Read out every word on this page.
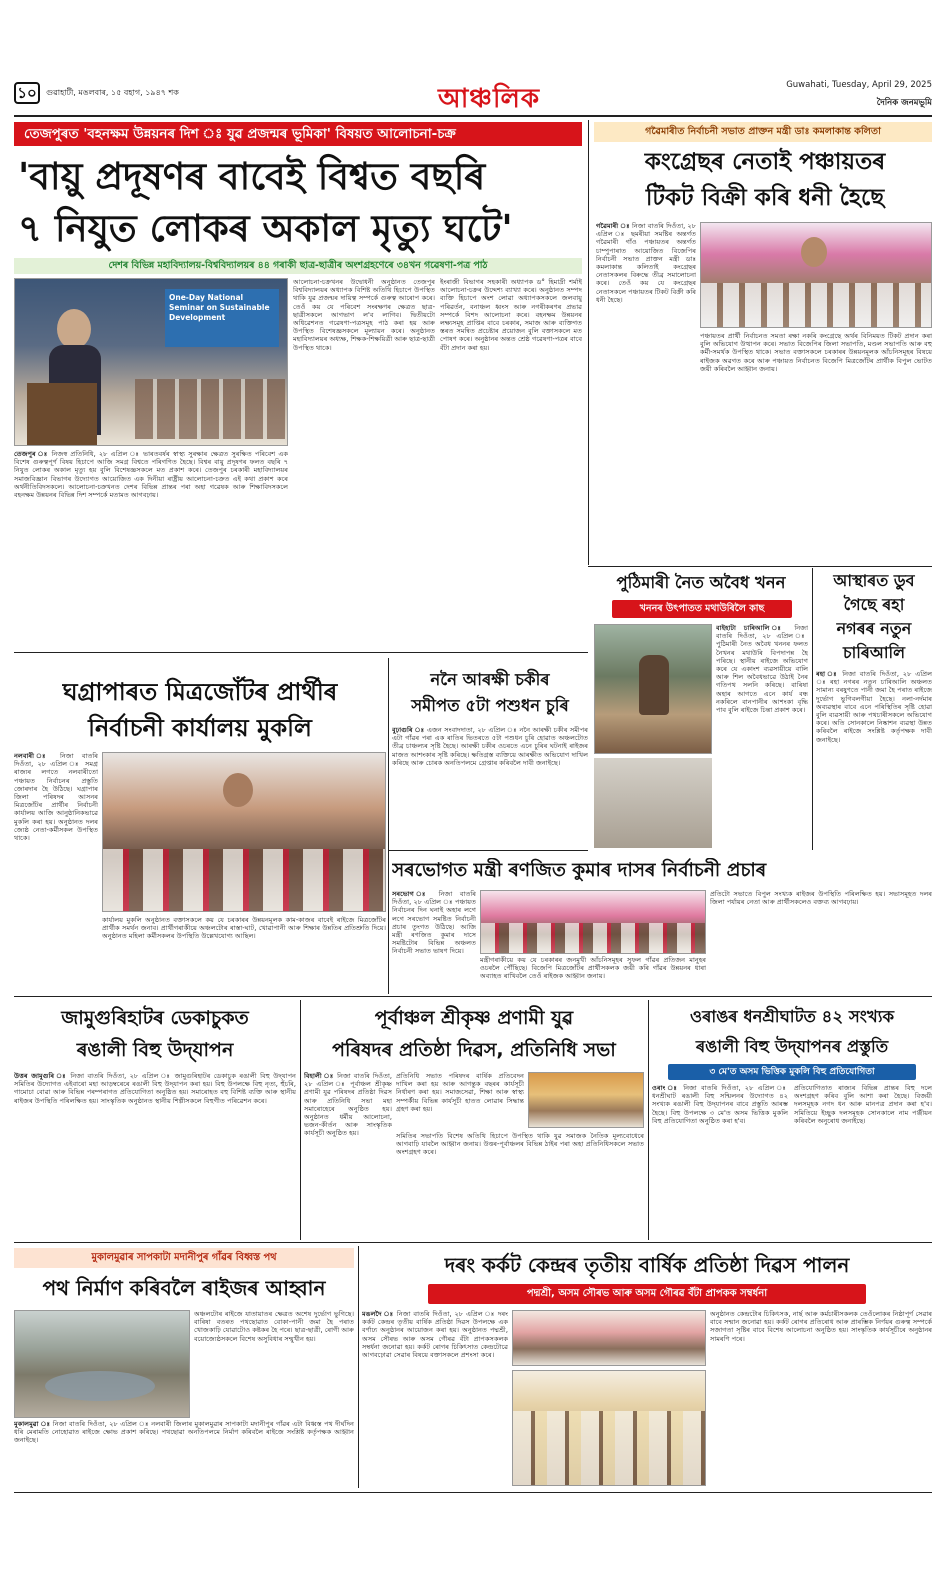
১০	গুৱাহাটী, মঙলবাৰ, ১৫ বহাগ, ১৯৪৭ শক	আঞ্চলিক	Guwahati, Tuesday, April 29, 2025
দৈনিক জনমভূমি
তেজপুৰত 'বহনক্ষম উন্নয়নৰ দিশ ঃ যুৱ প্ৰজন্মৰ ভূমিকা' বিষয়ত আলোচনা-চক্ৰ
'বায়ু প্ৰদূষণৰ বাবেই বিশ্বত বছৰি
৭ নিযুত লোকৰ অকাল মৃত্যু ঘটে'
দেশৰ বিভিন্ন মহাবিদ্যালয়-বিশ্ববিদ্যালয়ৰ ৪৪ গৰাকী ছাত্ৰ-ছাত্ৰীৰ অংশগ্ৰহণেৰে ৩৪খন গৱেষণা-পত্ৰ পাঠ
One-Day National Seminar on Sustainable Development
তেজপুৰ ঃ নিজস্ব প্ৰতিনিধি, ২৮ এপ্ৰিল ঃ ভাৰতবৰ্ষৰ স্বাস্থ্য সুৰক্ষাৰ ক্ষেত্ৰত সুৰক্ষিত পৰিবেশ এক বিশেষ গুৰুত্বপূৰ্ণ বিষয় হিচাপে আজি সমগ্ৰ বিশ্বতে পৰিগণিত হৈছে। বিশ্বৰ বায়ু প্ৰদূষণৰ ফলত বছৰি ৭ নিযুত লোকৰ অকাল মৃত্যু হয় বুলি বিশেষজ্ঞসকলে মত প্ৰকাশ কৰে। তেজপুৰ চৰকাৰী মহাবিদ্যালয়ৰ সমাজবিজ্ঞান বিভাগৰ উদ্যোগত আয়োজিত এক দিনীয়া ৰাষ্ট্ৰীয় আলোচনা-চক্ৰত এই কথা প্ৰকাশ কৰে অৰ্থনীতিবিদসকলে। আলোচনা-চক্ৰখনত দেশৰ বিভিন্ন প্ৰান্তৰ পৰা অহা গৱেষক আৰু শিক্ষাবিদসকলে বহনক্ষম উন্নয়নৰ বিভিন্ন দিশ সম্পৰ্কে মতামত আগবঢ়ায়।
আলোচনা-চক্ৰখনৰ উদ্বোধনী অনুষ্ঠানত তেজপুৰ বিশ্ববিদ্যালয়ৰ অধ্যাপক বিশিষ্ট অতিথি হিচাপে উপস্থিত থাকি যুৱ প্ৰজন্মৰ দায়িত্ব সম্পৰ্কে গুৰুত্ব আৰোপ কৰে। তেওঁ কয় যে পৰিবেশ সংৰক্ষণৰ ক্ষেত্ৰত ছাত্ৰ-ছাত্ৰীসকলে আগভাগ ল'ব লাগিব। দ্বিতীয়টো অধিৱেশনত গৱেষণা-পত্ৰসমূহ পাঠ কৰা হয় আৰু উপস্থিত বিশেষজ্ঞসকলে মূল্যায়ন কৰে। অনুষ্ঠানত মহাবিদ্যালয়ৰ অধ্যক্ষ, শিক্ষক-শিক্ষয়িত্ৰী আৰু ছাত্ৰ-ছাত্ৰী উপস্থিত থাকে।
ইংৰাজী বিভাগৰ সহকাৰী অধ্যাপক ড° হিমাদ্ৰী শৰ্মাই আলোচনা-চক্ৰৰ উদ্দেশ্য ব্যাখ্যা কৰে। অনুষ্ঠানত সম্পদ ব্যক্তি হিচাপে অংশ লোৱা অধ্যাপকসকলে জলবায়ু পৰিৱৰ্তন, বনাঞ্চল ধ্বংস আৰু নগৰীকৰণৰ প্ৰভাৱ সম্পৰ্কে বিশদ আলোচনা কৰে। বহনক্ষম উন্নয়নৰ লক্ষ্যসমূহ প্ৰাপ্তিৰ বাবে চৰকাৰ, সমাজ আৰু ব্যক্তিগত স্তৰত সমন্বিত প্ৰচেষ্টাৰ প্ৰয়োজন বুলি বক্তাসকলে মত পোষণ কৰে। অনুষ্ঠানৰ অন্তত শ্ৰেষ্ঠ গৱেষণা-পত্ৰৰ বাবে বঁটা প্ৰদান কৰা হয়।
গৱৈমাৰীত নিৰ্বাচনী সভাত প্ৰাক্তন মন্ত্ৰী ডাঃ কমলাকান্ত কলিতা
কংগ্ৰেছৰ নেতাই পঞ্চায়তৰ
টিকট বিক্ৰী কৰি ধনী হৈছে
গৱৈমাৰী ঃ নিজা বাতৰি দিওঁতা, ২৮ এপ্ৰিল ঃ ছমৰীয়া সমষ্টিৰ অন্তৰ্গত গৱৈমাৰী গাঁও পঞ্চায়তৰ অন্তৰ্গত চাম্পুপাৰাত আয়োজিত বিজেপিৰ নিৰ্বাচনী সভাত প্ৰাক্তন মন্ত্ৰী ডাঃ কমলাকান্ত কলিতাই কংগ্ৰেছৰ নেতাসকলৰ বিৰুদ্ধে তীব্ৰ সমালোচনা কৰে। তেওঁ কয় যে কংগ্ৰেছৰ নেতাসকলে পঞ্চায়তৰ টিকট বিক্ৰী কৰি ধনী হৈছে।
পঞ্চায়তৰ প্ৰাৰ্থী নিৰ্বাচনত সমতা ৰক্ষা নকৰি কংগ্ৰেছে অৰ্থৰ বিনিময়ত টিকট প্ৰদান কৰা বুলি অভিযোগ উত্থাপন কৰে। সভাত বিজেপিৰ জিলা সভাপতি, মণ্ডল সভাপতি আৰু বহু কৰ্মী-সমৰ্থক উপস্থিত থাকে। সভাত বক্তাসকলে চৰকাৰৰ উন্নয়নমূলক আঁচনিসমূহৰ বিষয়ে ৰাইজক অৱগত কৰে আৰু পঞ্চায়ত নিৰ্বাচনত বিজেপি মিত্ৰজোঁটৰ প্ৰাৰ্থীক বিপুল ভোটত জয়ী কৰিবলৈ আহ্বান জনায়।
ঘগ্ৰাপাৰত মিত্ৰজোঁটৰ প্ৰাৰ্থীৰ
নিৰ্বাচনী কাৰ্যালয় মুকলি
নলবাৰী ঃ নিজা বাতৰি দিওঁতা, ২৮ এপ্ৰিল ঃ সমগ্ৰ ৰাজ্যৰ লগতে নলবাৰীতো পঞ্চায়ত নিৰ্বাচনৰ প্ৰস্তুতি জোৰদাৰ হৈ উঠিছে। ঘগ্ৰাপাৰ জিলা পৰিষদৰ আসনৰ মিত্ৰজোঁটৰ প্ৰাৰ্থীৰ নিৰ্বাচনী কাৰ্যালয় আজি আনুষ্ঠানিকভাৱে মুকলি কৰা হয়। অনুষ্ঠানত দলৰ জ্যেষ্ঠ নেতা-কৰ্মীসকল উপস্থিত থাকে।
কাৰ্যালয় মুকলি অনুষ্ঠানত বক্তাসকলে কয় যে চৰকাৰৰ উন্নয়নমূলক কাম-কাজৰ বাবেই ৰাইজে মিত্ৰজোঁটৰ প্ৰাৰ্থীক সমৰ্থন জনাব। প্ৰাৰ্থীগৰাকীয়ে অঞ্চলটোৰ ৰাস্তা-ঘাট, খোৱাপানী আৰু শিক্ষাৰ উন্নতিৰ প্ৰতিশ্ৰুতি দিয়ে। অনুষ্ঠানত মহিলা কৰ্মীসকলৰ উপস্থিতি উল্লেখযোগ্য আছিল।
ননৈ আৰক্ষী চকীৰ
সমীপত ৫টা পশুধন চুৰি
বুঢ়াগুৰি ঃ এজন সংবাদদাতা, ২৮ এপ্ৰিল ঃ ননৈ আৰক্ষী চকীৰ সমীপৰ এটা গাঁৱৰ পৰা এক ৰাতিৰ ভিতৰতে ৫টা পশুধন চুৰি হোৱাত অঞ্চলটোত তীব্ৰ চাঞ্চল্যৰ সৃষ্টি হৈছে। আৰক্ষী চকীৰ ওচৰতে এনে চুৰিৰ ঘটনাই ৰাইজৰ মাজত আশংকাৰ সৃষ্টি কৰিছে। ক্ষতিগ্ৰস্ত ব্যক্তিয়ে আৰক্ষীত অভিযোগ দাখিল কৰিছে আৰু চোৰক অনতিপলমে গ্ৰেপ্তাৰ কৰিবলৈ দাবী জনাইছে।
সৰভোগত মন্ত্ৰী ৰণজিত কুমাৰ দাসৰ নিৰ্বাচনী প্ৰচাৰ
সৰভোগ ঃ নিজা বাতৰি দিওঁতা, ২৮ এপ্ৰিল ঃ পঞ্চায়ত নিৰ্বাচনৰ দিন ঘনাই অহাৰ লগে লগে সৰভোগ সমষ্টিত নিৰ্বাচনী প্ৰচাৰ তুংগত উঠিছে। আজি মন্ত্ৰী ৰণজিত কুমাৰ দাসে সমষ্টিটোৰ বিভিন্ন অঞ্চলত নিৰ্বাচনী সভাত ভাষণ দিয়ে।
মন্ত্ৰীগৰাকীয়ে কয় যে চৰকাৰৰ জনমুখী আঁচনিসমূহৰ সুফল গাঁৱৰ প্ৰতিজন মানুহৰ ওচৰলৈ পৌঁছিছে। বিজেপি মিত্ৰজোঁটৰ প্ৰাৰ্থীসকলক জয়ী কৰি গাঁৱৰ উন্নয়নৰ ধাৰা অব্যাহত ৰাখিবলৈ তেওঁ ৰাইজক আহ্বান জনায়।
প্ৰতিটো সভাতে বিপুল সংখ্যক ৰাইজৰ উপস্থিতি পৰিলক্ষিত হয়। সভাসমূহত দলৰ জিলা পৰ্যায়ৰ নেতা আৰু প্ৰাৰ্থীসকলেও বক্তব্য আগবঢ়ায়।
পুঠিমাৰী নৈত অবৈধ খনন
খননৰ উৎপাতত মথাউৰিলৈ কাছ
বাইহাটা চাৰিআলি ঃ নিজা বাতৰি দিওঁতা, ২৮ এপ্ৰিল ঃ পুঠিমাৰী নৈত অবৈধ খননৰ ফলত নৈখনৰ মথাউৰি বিপদাপন্ন হৈ পৰিছে। স্থানীয় ৰাইজে অভিযোগ কৰে যে একাংশ ব্যৱসায়ীয়ে বালি আৰু শিল অবৈধভাৱে উঠাই নৈৰ গতিপথ সলনি কৰিছে। বাৰিষা অহাৰ আগতে এনে কাৰ্য বন্ধ নকৰিলে বানপানীৰ আশংকা বৃদ্ধি পাব বুলি ৰাইজে চিন্তা প্ৰকাশ কৰে।
আস্থাৰত ডুব
গৈছে ৰহা
নগৰৰ নতুন
চাৰিআলি
ৰহা ঃ নিজা বাতৰি দিওঁতা, ২৮ এপ্ৰিল ঃ ৰহা নগৰৰ নতুন চাৰিআলি অঞ্চলত সামান্য বৰষুণতে পানী জমা হৈ পৰাত ৰাইজে দুৰ্ভোগ ভুগিবলগীয়া হৈছে। নলা-নৰ্দমাৰ অব্যৱস্থাৰ বাবে এনে পৰিস্থিতিৰ সৃষ্টি হোৱা বুলি ব্যৱসায়ী আৰু পথচাৰীসকলে অভিযোগ কৰে। অতি সোনকালে নিষ্কাশন ব্যৱস্থা উন্নত কৰিবলৈ ৰাইজে সংশ্লিষ্ট কৰ্তৃপক্ষক দাবী জনাইছে।
জামুগুৰিহাটৰ ডেকাচুকত
ৰঙালী বিহু উদ্‌যাপন
উত্তৰ জামুগুৰি ঃ নিজা বাতৰি দিওঁতা, ২৮ এপ্ৰিল ঃ জামুগুৰিহাটৰ ডেকাচুক ৰঙালী বিহু উদ্‌যাপন সমিতিৰ উদ্যোগত এইবাৰো মহা আড়ম্বৰেৰে ৰঙালী বিহু উদ্‌যাপন কৰা হয়। বিহু উপলক্ষে বিহু নৃত্য, হুঁচৰি, গামোচা বোৱা আৰু বিভিন্ন পৰম্পৰাগত প্ৰতিযোগিতা অনুষ্ঠিত হয়। সমাৰোহত বহু বিশিষ্ট ব্যক্তি আৰু স্থানীয় ৰাইজৰ উপস্থিতি পৰিলক্ষিত হয়। সাংস্কৃতিক অনুষ্ঠানত স্থানীয় শিল্পীসকলে বিহুগীত পৰিৱেশন কৰে।
পূৰ্বাঞ্চল শ্ৰীকৃষ্ণ প্ৰণামী যুৱ
পৰিষদৰ প্ৰতিষ্ঠা দিৱস, প্ৰতিনিধি সভা
বিহালী ঃ নিজা বাতৰি দিওঁতা, ২৮ এপ্ৰিল ঃ পূৰ্বাঞ্চল শ্ৰীকৃষ্ণ প্ৰণামী যুৱ পৰিষদৰ প্ৰতিষ্ঠা দিৱস আৰু প্ৰতিনিধি সভা মহা সমাৰোহেৰে অনুষ্ঠিত হয়। অনুষ্ঠানত ধৰ্মীয় আলোচনা, ভজন-কীৰ্তন আৰু সাংস্কৃতিক কাৰ্যসূচী অনুষ্ঠিত হয়।
প্ৰতিনিধি সভাত পৰিষদৰ বাৰ্ষিক প্ৰতিবেদন দাখিল কৰা হয় আৰু আগন্তুক বছৰৰ কাৰ্যসূচী নিৰ্ধাৰণ কৰা হয়। সমাজসেৱা, শিক্ষা আৰু স্বাস্থ্য সম্পৰ্কীয় বিভিন্ন কাৰ্যসূচী হাতত লোৱাৰ সিদ্ধান্ত গ্ৰহণ কৰা হয়।
সমিতিৰ সভাপতি বিশেষ অতিথি হিচাপে উপস্থিত থাকি যুৱ সমাজক নৈতিক মূল্যবোধেৰে আগবাঢ়ি যাবলৈ আহ্বান জনায়। উত্তৰ-পূৰ্বাঞ্চলৰ বিভিন্ন ঠাইৰ পৰা অহা প্ৰতিনিধিসকলে সভাত অংশগ্ৰহণ কৰে।
ওৰাঙৰ ধনশ্ৰীঘাটত ৪২ সংখ্যক
ৰঙালী বিহু উদ্‌যাপনৰ প্ৰস্তুতি
৩ মে'ত অসম ভিত্তিক মুকলি বিহু প্ৰতিযোগিতা
ওৰাং ঃ নিজা বাতৰি দিওঁতা, ২৮ এপ্ৰিল ঃ ধনশ্ৰীঘাট ৰঙালী বিহু সন্মিলনৰ উদ্যোগত ৪২ সংখ্যক ৰঙালী বিহু উদ্‌যাপনৰ বাবে প্ৰস্তুতি আৰম্ভ হৈছে। বিহু উপলক্ষে ৩ মে'ত অসম ভিত্তিক মুকলি বিহু প্ৰতিযোগিতা অনুষ্ঠিত কৰা হ'ব।
প্ৰতিযোগিতাত ৰাজ্যৰ বিভিন্ন প্ৰান্তৰ বিহু দলে অংশগ্ৰহণ কৰিব বুলি আশা কৰা হৈছে। বিজয়ী দলসমূহক নগদ ধন আৰু মানপত্ৰ প্ৰদান কৰা হ'ব। সমিতিয়ে ইচ্ছুক দলসমূহক সোনকালে নাম পঞ্জীয়ন কৰিবলৈ অনুৰোধ জনাইছে।
মুকালমুৱাৰ সাপকাটা মদানীপুৰ গাঁৱৰ বিধ্বস্ত পথ
পথ নিৰ্মাণ কৰিবলৈ ৰাইজৰ আহ্বান
অঞ্চলটোৰ ৰাইজে যাতায়াতৰ ক্ষেত্ৰত অশেষ দুৰ্ভোগ ভুগিছে। বাৰিষা বতৰত পথছোৱাত বোকা-পানী জমা হৈ পৰাত খোজকাঢ়ি যোৱাটোও কষ্টকৰ হৈ পৰে। ছাত্ৰ-ছাত্ৰী, ৰোগী আৰু বয়োজ্যেষ্ঠসকলে বিশেষ অসুবিধাৰ সন্মুখীন হয়।
মুকালমুৱা ঃ নিজা বাতৰি দিওঁতা, ২৮ এপ্ৰিল ঃ নলবাৰী জিলাৰ মুকালমুৱাৰ সাপকাটা মদানীপুৰ গাঁৱৰ এটা বিধ্বস্ত পথ দীৰ্ঘদিন ধৰি মেৰামতি নোহোৱাত ৰাইজে ক্ষোভ প্ৰকাশ কৰিছে। পথছোৱা অনতিপলমে নিৰ্মাণ কৰিবলৈ ৰাইজে সংশ্লিষ্ট কৰ্তৃপক্ষক আহ্বান জনাইছে।
দৰং কৰ্কট কেন্দ্ৰৰ তৃতীয় বাৰ্ষিক প্ৰতিষ্ঠা দিৱস পালন
পদ্মশ্ৰী, অসম সৌৰভ আৰু অসম গৌৰৱ বঁটা প্ৰাপকক সম্বৰ্ধনা
মঙলদৈ ঃ নিজা বাতৰি দিওঁতা, ২৮ এপ্ৰিল ঃ দৰং কৰ্কট কেন্দ্ৰৰ তৃতীয় বাৰ্ষিক প্ৰতিষ্ঠা দিৱস উপলক্ষে এক বৰ্ণাঢ্য অনুষ্ঠানৰ আয়োজন কৰা হয়। অনুষ্ঠানত পদ্মশ্ৰী, অসম সৌৰভ আৰু অসম গৌৰৱ বঁটা প্ৰাপকসকলক সম্বৰ্ধনা জনোৱা হয়। কৰ্কট ৰোগৰ চিকিৎসাত কেন্দ্ৰটোৱে আগবঢ়োৱা সেৱাৰ বিষয়ে বক্তাসকলে প্ৰশংসা কৰে।
অনুষ্ঠানত কেন্দ্ৰটোৰ চিকিৎসক, নাৰ্ছ আৰু কৰ্মচাৰীসকলক তেওঁলোকৰ নিষ্ঠাপূৰ্ণ সেৱাৰ বাবে সন্মান জনোৱা হয়। কৰ্কট ৰোগৰ প্ৰতিৰোধ আৰু প্ৰাৰম্ভিক নিৰ্ণয়ৰ গুৰুত্ব সম্পৰ্কে সজাগতা সৃষ্টিৰ বাবে বিশেষ আলোচনা অনুষ্ঠিত হয়। সাংস্কৃতিক কাৰ্যসূচীৰে অনুষ্ঠানৰ সামৰণি পৰে।
